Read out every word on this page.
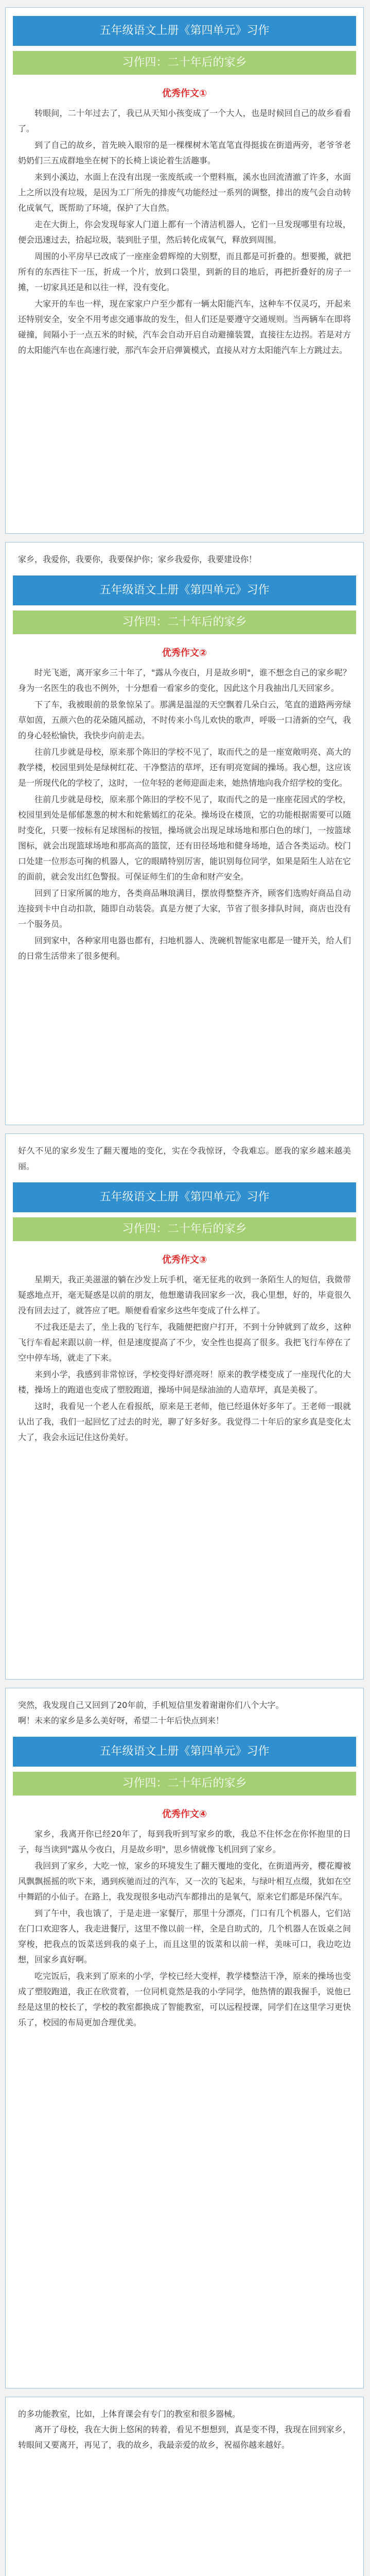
五年级语文上册《第四单元》习作
习作四：二十年后的家乡
优秀作文①

转眼间，二十年过去了，我已从天知小孩变成了一个大人，也是时候回自己的故乡看看了。

到了自己的故乡，首先映入眼帘的是一棵棵树木笔直笔直得挺拔在街道两旁，老爷爷老奶奶们三五成群地坐在树下的长椅上谈论着生活趣事。

来到小溪边，水面上在没有出现一张废纸或一个塑料瓶，溪水也回流清澈了许多，水面上之所以没有垃圾，是因为工厂所先的排废气功能经过一系列的调整，排出的废气会自动转化成氧气，既帮助了环境，保护了大自然。

走在大街上，你会发现每家人门道上都有一个清洁机器人，它们一旦发现哪里有垃圾，便会迅速过去，拾起垃圾，装到肚子里，然后转化成氧气，释放到周围。

周围的小平房早已改成了一座座金碧辉煌的大别墅，而且都是可折叠的。想要搬，就把所有的东西往下一压，折成一个片，放到口袋里，到新的目的地后，再把折叠好的房子一摊，一切家具还是和以往一样，没有变化。

大家开的车也一样，现在家家户户至少都有一辆太阳能汽车，这种车不仅灵巧，开起来还特别安全，安全不用考虑交通事故的发生，但人们还是要遵守交通规则。当两辆车在即将碰撞，间隔小于一点五米的时候，汽车会自动开启自动避撞装置，直接往左边拐。若是对方的太阳能汽车也在高速行驶，那汽车会开启弹簧模式，直接从对方太阳能汽车上方跳过去。

家乡，我爱你，我要你，我要保护你；家乡我爱你，我要建设你！

五年级语文上册《第四单元》习作
习作四：二十年后的家乡
优秀作文②

时光飞逝，离开家乡三十年了，"露从今夜白，月是故乡明"，谁不想念自己的家乡呢？身为一名医生的我也不例外，十分想看一看家乡的变化，因此这个月我抽出几天回家乡。

下了车，我被眼前的景象惊呆了。那满是温湿的天空飘着几朵白云，笔直的道路两旁绿草如茵，五颜六色的花朵随风摇动，不时传来小鸟儿欢快的歌声，呼吸一口清新的空气，我的身心轻松愉快，我快步向前走去。

往前几步就是母校，原来那个陈旧的学校不见了，取而代之的是一座宽敞明亮、高大的教学楼，校园里到处是绿树红花、干净整洁的草坪，还有明亮宽阔的操场。我心想，这应该是一所现代化的学校了，这时，一位年轻的老师迎面走来，她热情地向我介绍学校的变化。

往前几步就是母校，原来那个陈旧的学校不见了，取而代之的是一座座花园式的学校，校园里到处是郁郁葱葱的树木和姹紫嫣红的花朵。操场设在楼顶，它的功能根据需要可以随时变化，只要一按标有足球图标的按钮，操场就会出现足球场地和那白色的球门，一按篮球图标，就会出现篮球场地和那高高的篮筐，还有田径场地和健身场地，适合各类运动。校门口处建一位形态可掬的机器人，它的眼睛特别厉害，能识别每位同学，如果是陌生人站在它的面前，就会发出红色警报。可保证师生们的生命和财产安全。

回到了日家所属的地方，各类商品琳琅满目，摆放得整整齐齐，顾客们选购好商品自动连接到卡中自动扣款，随即自动装袋。真是方便了大家，节省了很多排队时间，商店也没有一个服务员。

回到家中，各种家用电器也都有，扫地机器人、洗碗机智能家电都是一键开关，给人们的日常生活带来了很多便利。

好久不见的家乡发生了翻天覆地的变化，实在令我惊讶，令我难忘。愿我的家乡越来越美丽。

五年级语文上册《第四单元》习作
习作四：二十年后的家乡
优秀作文③

星期天，我正美滋滋的躺在沙发上玩手机，毫无征兆的收到一条陌生人的短信，我微带疑惑地点开，毫无疑惑是以前的朋友，他想邀请我回家乡一次，我心里想，好的，毕竟很久没有回去过了，就答应了吧。顺便看看家乡这些年变成了什么样了。

不过我还是去了，坐上我的飞行车，我随便把窗户打开，不到十分钟就到了故乡，这种飞行车看起来跟以前一样，但是速度提高了不少，安全性也提高了很多。我把飞行车停在了空中停车场，就走了下来。

来到小学，我感到非常惊讶，学校变得好漂亮呀！原来的教学楼变成了一座现代化的大楼，操场上的跑道也变成了塑胶跑道，操场中间是绿油油的人造草坪，真是美极了。

这时，我看见一个老人在看报纸，原来是王老师，他已经退休好多年了。王老师一眼就认出了我，我们一起回忆了过去的时光，聊了好多好多。我觉得二十年后的家乡真是变化太大了，我会永远记住这份美好。

突然，我发现自己又回到了20年前，手机短信里发着谢谢你们八个大字。

啊！未来的家乡是多么美好呀，希望二十年后快点到来！

五年级语文上册《第四单元》习作
习作四：二十年后的家乡
优秀作文④

家乡，我离开你已经20年了，每到我听到写家乡的歌，我总不住怀念在你怀抱里的日子，每当读到"露从今夜白，月是故乡明"，思乡情就像飞机回到了家乡。

我回到了家乡，大吃一惊，家乡的环境发生了翻天覆地的变化，在街道两旁，樱花瓣被风飘飘摇摇的吹下来，遇到疾驰而过的汽车，又一次的飞起来，与绿叶相互点缀，犹如在空中舞蹈的小仙子。在路上，我发现很多电动汽车都排出的是氧气，原来它们都是环保汽车。

到了午中，我也饿了，于是走进一家餐厅，那里十分漂亮，门口有几个机器人，它们站在门口欢迎客人，我走进餐厅，这里不像以前一样，全是自助式的，几个机器人在饭桌之间穿梭，把我点的饭菜送到我的桌子上，而且这里的饭菜和以前一样，美味可口，我边吃边想，回家乡真好啊。

吃完饭后，我来到了原来的小学，学校已经大变样，教学楼整洁干净，原来的操场也变成了塑胶跑道，我正在欣赏着，一位同机竟然是我的小学同学，他热情的跟我握手，说他已经是这里的校长了，学校的教室都换成了智能教室，可以远程授课，同学们在这里学习更快乐了，校园的布局更加合理优美。

的多功能教室，比如，上体育课会有专门的教室和很多器械。

离开了母校，我在大街上悠闲的转着，看见不想想到，真是变不得，我现在回到家乡，转眼间又要离开，再见了，我的故乡，我最亲爱的故乡，祝福你越来越好。
